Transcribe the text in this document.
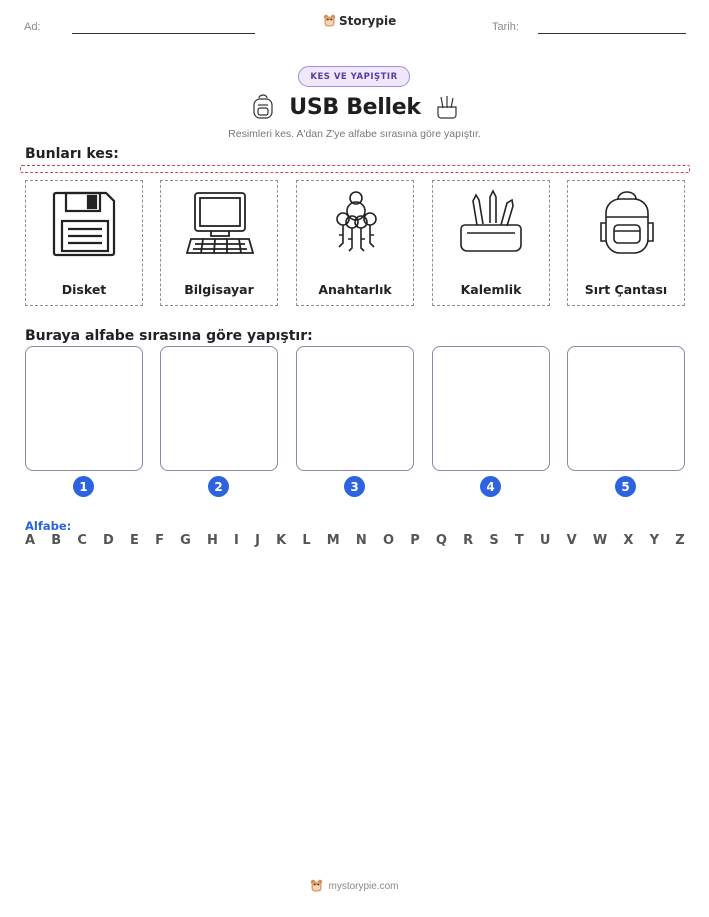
Ad:	Storypie	Tarih:
KES VE YAPIŞTIR
USB Bellek
Resimleri kes. A'dan Z'ye alfabe sırasına göre yapıştır.
Bunları kes:
Disket	Bilgisayar	Anahtarlık	Kalemlik	Sırt Çantası
Buraya alfabe sırasına göre yapıştır:
1	2	3	4	5
Alfabe:
A B C D E F G H I J K L M N O P Q R S T U V W X Y Z
mystorypie.com
